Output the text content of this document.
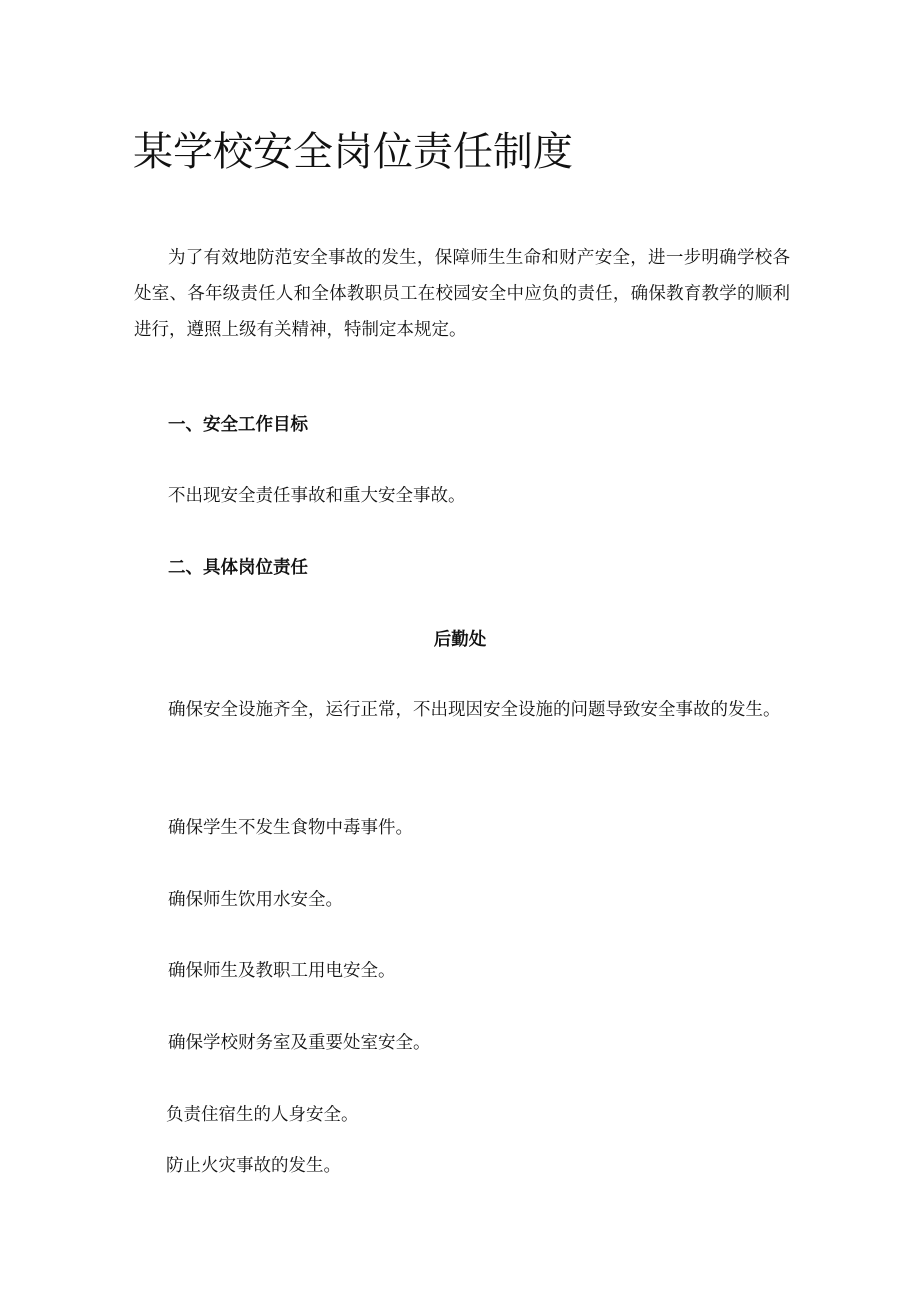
某学校安全岗位责任制度

为了有效地防范安全事故的发生，保障师生生命和财产安全，进一步明确学校各处室、各年级责任人和全体教职员工在校园安全中应负的责任，确保教育教学的顺利进行，遵照上级有关精神，特制定本规定。

一、安全工作目标

不出现安全责任事故和重大安全事故。

二、具体岗位责任

后勤处

确保安全设施齐全，运行正常，不出现因安全设施的问题导致安全事故的发生。

确保学生不发生食物中毒事件。

确保师生饮用水安全。

确保师生及教职工用电安全。

确保学校财务室及重要处室安全。

负责住宿生的人身安全。

防止火灾事故的发生。
